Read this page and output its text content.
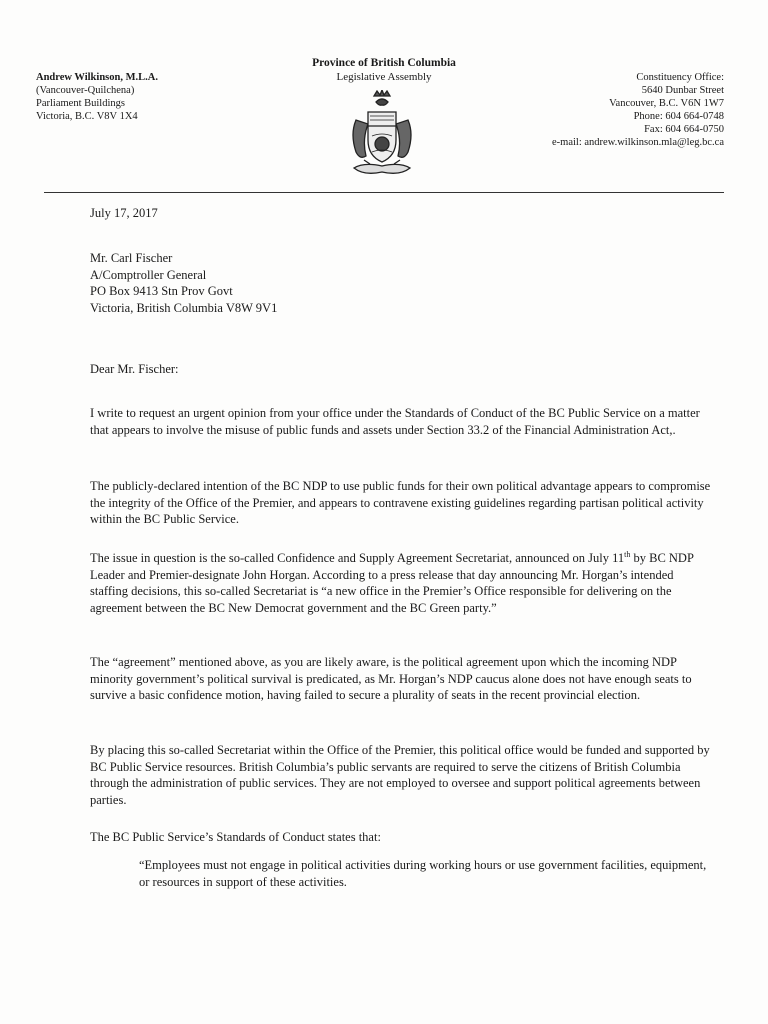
Andrew Wilkinson, M.L.A.
(Vancouver-Quilchena)
Parliament Buildings
Victoria, B.C. V8V 1X4
Province of British Columbia
Legislative Assembly	Constituency Office:
5640 Dunbar Street
Vancouver, B.C. V6N 1W7
Phone: 604 664-0748
Fax: 604 664-0750
e-mail: andrew.wilkinson.mla@leg.bc.ca
July 17, 2017
Mr. Carl Fischer
A/Comptroller General
PO Box 9413 Stn Prov Govt
Victoria, British Columbia V8W 9V1
Dear Mr. Fischer:

I write to request an urgent opinion from your office under the Standards of Conduct of the BC Public Service on a matter that appears to involve the misuse of public funds and assets under Section 33.2 of the Financial Administration Act,.

The publicly-declared intention of the BC NDP to use public funds for their own political advantage appears to compromise the integrity of the Office of the Premier, and appears to contravene existing guidelines regarding partisan political activity within the BC Public Service.

The issue in question is the so-called Confidence and Supply Agreement Secretariat, announced on July 11th by BC NDP Leader and Premier-designate John Horgan. According to a press release that day announcing Mr. Horgan’s intended staffing decisions, this so-called Secretariat is “a new office in the Premier’s Office responsible for delivering on the agreement between the BC New Democrat government and the BC Green party.”

The “agreement” mentioned above, as you are likely aware, is the political agreement upon which the incoming NDP minority government’s political survival is predicated, as Mr. Horgan’s NDP caucus alone does not have enough seats to survive a basic confidence motion, having failed to secure a plurality of seats in the recent provincial election.

By placing this so-called Secretariat within the Office of the Premier, this political office would be funded and supported by BC Public Service resources. British Columbia’s public servants are required to serve the citizens of British Columbia through the administration of public services. They are not employed to oversee and support political agreements between parties.

The BC Public Service’s Standards of Conduct states that:

“Employees must not engage in political activities during working hours or use government facilities, equipment, or resources in support of these activities.
